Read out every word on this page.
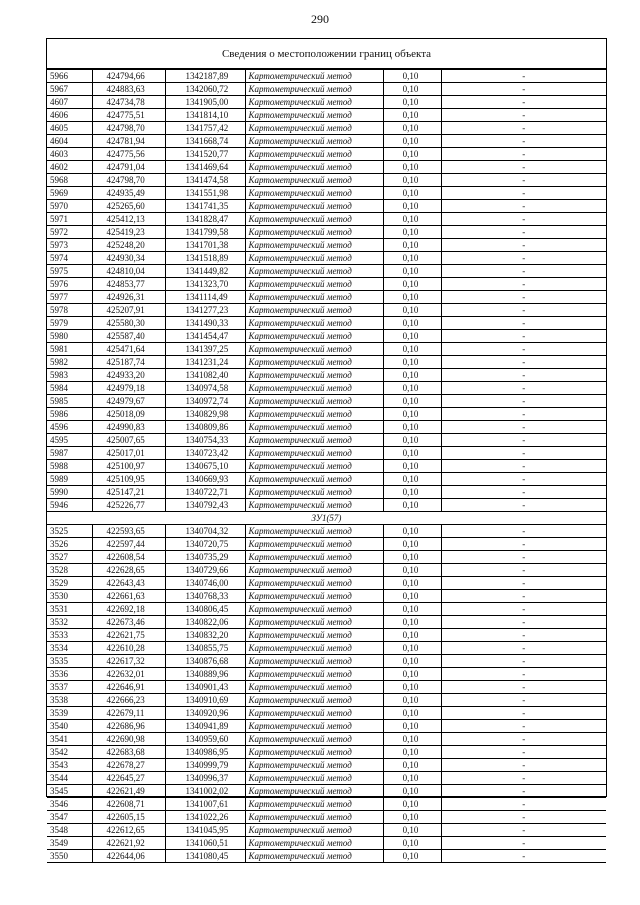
290
Сведения о местоположении границ объекта
5966	424794,66	1342187,89	Картометрический метод	0,10	-
5967	424883,63	1342060,72	Картометрический метод	0,10	-
4607	424734,78	1341905,00	Картометрический метод	0,10	-
4606	424775,51	1341814,10	Картометрический метод	0,10	-
4605	424798,70	1341757,42	Картометрический метод	0,10	-
4604	424781,94	1341668,74	Картометрический метод	0,10	-
4603	424775,56	1341520,77	Картометрический метод	0,10	-
4602	424791,04	1341469,64	Картометрический метод	0,10	-
5968	424798,70	1341474,58	Картометрический метод	0,10	-
5969	424935,49	1341551,98	Картометрический метод	0,10	-
5970	425265,60	1341741,35	Картометрический метод	0,10	-
5971	425412,13	1341828,47	Картометрический метод	0,10	-
5972	425419,23	1341799,58	Картометрический метод	0,10	-
5973	425248,20	1341701,38	Картометрический метод	0,10	-
5974	424930,34	1341518,89	Картометрический метод	0,10	-
5975	424810,04	1341449,82	Картометрический метод	0,10	-
5976	424853,77	1341323,70	Картометрический метод	0,10	-
5977	424926,31	1341114,49	Картометрический метод	0,10	-
5978	425207,91	1341277,23	Картометрический метод	0,10	-
5979	425580,30	1341490,33	Картометрический метод	0,10	-
5980	425587,40	1341454,47	Картометрический метод	0,10	-
5981	425471,64	1341397,25	Картометрический метод	0,10	-
5982	425187,74	1341231,24	Картометрический метод	0,10	-
5983	424933,20	1341082,40	Картометрический метод	0,10	-
5984	424979,18	1340974,58	Картометрический метод	0,10	-
5985	424979,67	1340972,74	Картометрический метод	0,10	-
5986	425018,09	1340829,98	Картометрический метод	0,10	-
4596	424990,83	1340809,86	Картометрический метод	0,10	-
4595	425007,65	1340754,33	Картометрический метод	0,10	-
5987	425017,01	1340723,42	Картометрический метод	0,10	-
5988	425100,97	1340675,10	Картометрический метод	0,10	-
5989	425109,95	1340669,93	Картометрический метод	0,10	-
5990	425147,21	1340722,71	Картометрический метод	0,10	-
5946	425226,77	1340792,43	Картометрический метод	0,10	-
ЗУ1(57)					
3525	422593,65	1340704,32	Картометрический метод	0,10	-
3526	422597,44	1340720,75	Картометрический метод	0,10	-
3527	422608,54	1340735,29	Картометрический метод	0,10	-
3528	422628,65	1340729,66	Картометрический метод	0,10	-
3529	422643,43	1340746,00	Картометрический метод	0,10	-
3530	422661,63	1340768,33	Картометрический метод	0,10	-
3531	422692,18	1340806,45	Картометрический метод	0,10	-
3532	422673,46	1340822,06	Картометрический метод	0,10	-
3533	422621,75	1340832,20	Картометрический метод	0,10	-
3534	422610,28	1340855,75	Картометрический метод	0,10	-
3535	422617,32	1340876,68	Картометрический метод	0,10	-
3536	422632,01	1340889,96	Картометрический метод	0,10	-
3537	422646,91	1340901,43	Картометрический метод	0,10	-
3538	422666,23	1340910,69	Картометрический метод	0,10	-
3539	422679,11	1340920,96	Картометрический метод	0,10	-
3540	422686,96	1340941,89	Картометрический метод	0,10	-
3541	422690,98	1340959,60	Картометрический метод	0,10	-
3542	422683,68	1340986,95	Картометрический метод	0,10	-
3543	422678,27	1340999,79	Картометрический метод	0,10	-
3544	422645,27	1340996,37	Картометрический метод	0,10	-
3545	422621,49	1341002,02	Картометрический метод	0,10	-
3546	422608,71	1341007,61	Картометрический метод	0,10	-
3547	422605,15	1341022,26	Картометрический метод	0,10	-
3548	422612,65	1341045,95	Картометрический метод	0,10	-
3549	422621,92	1341060,51	Картометрический метод	0,10	-
3550	422644,06	1341080,45	Картометрический метод	0,10	-
